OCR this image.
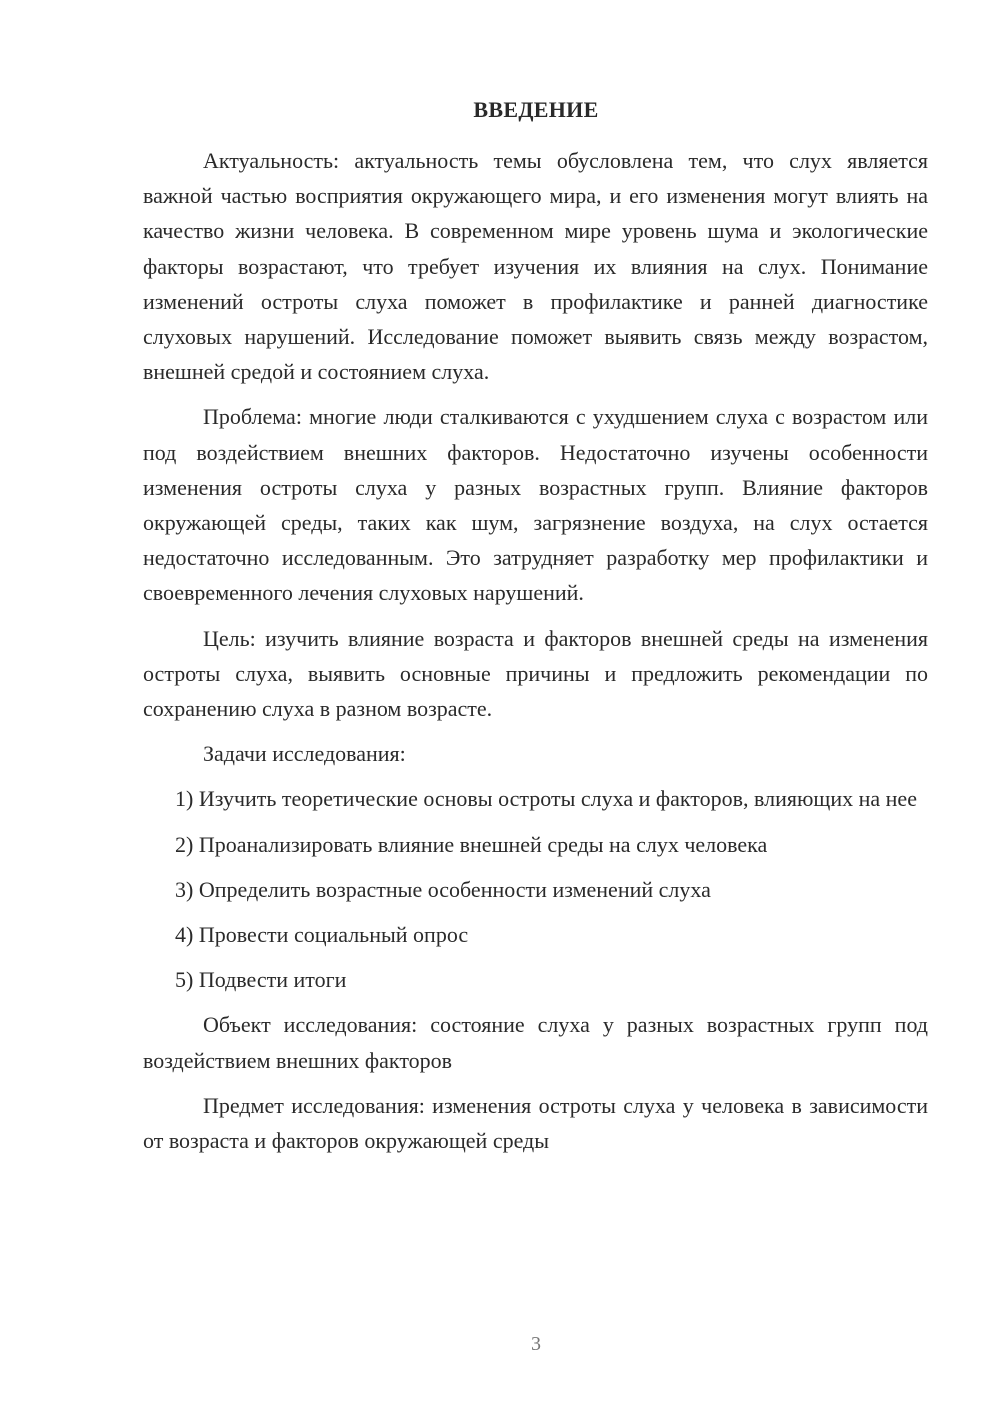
ВВЕДЕНИЕ

Актуальность: актуальность темы обусловлена тем, что слух является важной частью восприятия окружающего мира, и его изменения могут влиять на качество жизни человека. В современном мире уровень шума и экологические факторы возрастают, что требует изучения их влияния на слух. Понимание изменений остроты слуха поможет в профилактике и ранней диагностике слуховых нарушений. Исследование поможет выявить связь между возрастом, внешней средой и состоянием слуха.

Проблема: многие люди сталкиваются с ухудшением слуха с возрастом или под воздействием внешних факторов. Недостаточно изучены особенности изменения остроты слуха у разных возрастных групп. Влияние факторов окружающей среды, таких как шум, загрязнение воздуха, на слух остается недостаточно исследованным. Это затрудняет разработку мер профилактики и своевременного лечения слуховых нарушений.

Цель: изучить влияние возраста и факторов внешней среды на изменения остроты слуха, выявить основные причины и предложить рекомендации по сохранению слуха в разном возрасте.

Задачи исследования:

1) Изучить теоретические основы остроты слуха и факторов, влияющих на нее

2) Проанализировать влияние внешней среды на слух человека

3) Определить возрастные особенности изменений слуха

4) Провести социальный опрос

5) Подвести итоги

Объект исследования: состояние слуха у разных возрастных групп под воздействием внешних факторов

Предмет исследования: изменения остроты слуха у человека в зависимости от возраста и факторов окружающей среды

3
